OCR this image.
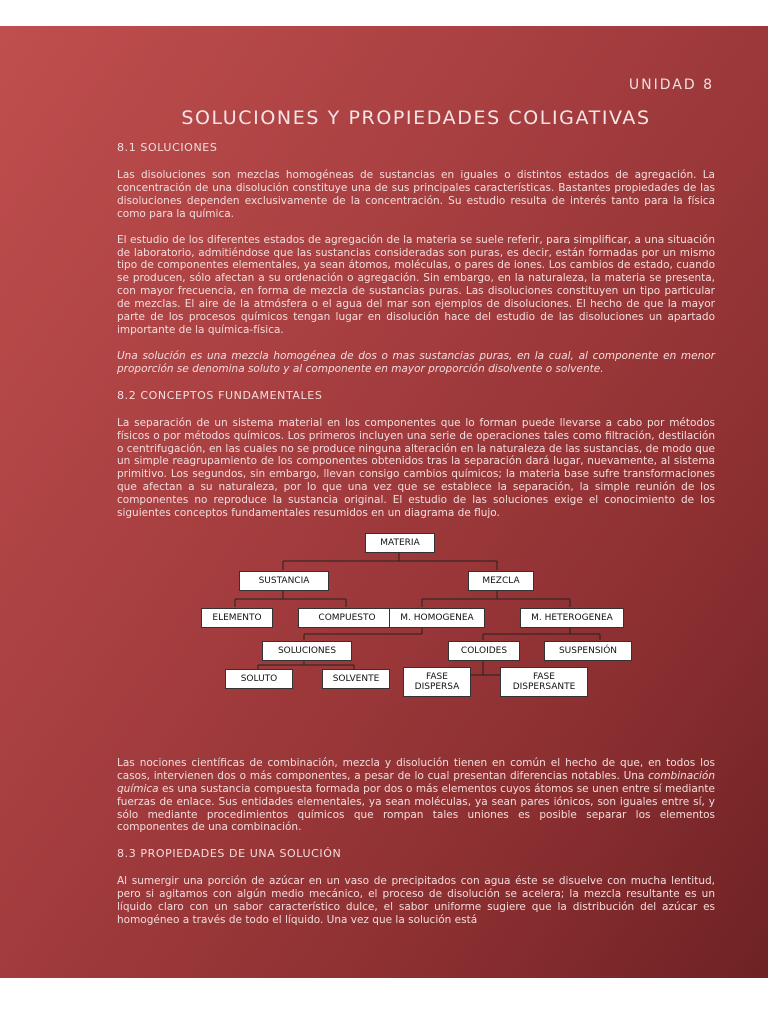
UNIDAD 8
SOLUCIONES Y PROPIEDADES COLIGATIVAS
8.1 SOLUCIONES

Las disoluciones son mezclas homogéneas de sustancias en iguales o distintos estados de agregación. La concentración de una disolución constituye una de sus principales características. Bastantes propiedades de las disoluciones dependen exclusivamente de la concentración. Su estudio resulta de interés tanto para la física como para la química.

El estudio de los diferentes estados de agregación de la materia se suele referir, para simplificar, a una situación de laboratorio, admitiéndose que las sustancias consideradas son puras, es decir, están formadas por un mismo tipo de componentes elementales, ya sean átomos, moléculas, o pares de iones. Los cambios de estado, cuando se producen, sólo afectan a su ordenación o agregación. Sin embargo, en la naturaleza, la materia se presenta, con mayor frecuencia, en forma de mezcla de sustancias puras. Las disoluciones constituyen un tipo particular de mezclas. El aire de la atmósfera o el agua del mar son ejemplos de disoluciones. El hecho de que la mayor parte de los procesos químicos tengan lugar en disolución hace del estudio de las disoluciones un apartado importante de la química-física.

Una solución es una mezcla homogénea de dos o mas sustancias puras, en la cual, al componente en menor proporción se denomina soluto y al componente en mayor proporción disolvente o solvente.

8.2 CONCEPTOS FUNDAMENTALES

La separación de un sistema material en los componentes que lo forman puede llevarse a cabo por métodos físicos o por métodos químicos. Los primeros incluyen una serie de operaciones tales como filtración, destilación o centrifugación, en las cuales no se produce ninguna alteración en la naturaleza de las sustancias, de modo que un simple reagrupamiento de los componentes obtenidos tras la separación dará lugar, nuevamente, al sistema primitivo. Los segundos, sin embargo, llevan consigo cambios químicos; la materia base sufre transformaciones que afectan a su naturaleza, por lo que una vez que se establece la separación, la simple reunión de los componentes no reproduce la sustancia original. El estudio de las soluciones exige el conocimiento de los siguientes conceptos fundamentales resumidos en un diagrama de flujo.

MATERIA
SUSTANCIA	MEZCLA
ELEMENTO	COMPUESTO	M. HOMOGENEA	M. HETEROGENEA
SOLUCIONES	COLOIDES	SUSPENSIÓN
SOLUTO	SOLVENTE	FASE DISPERSA
FASE DISPERSANTE

Las nociones científicas de combinación, mezcla y disolución tienen en común el hecho de que, en todos los casos, intervienen dos o más componentes, a pesar de lo cual presentan diferencias notables. Una combinación química es una sustancia compuesta formada por dos o más elementos cuyos átomos se unen entre sí mediante fuerzas de enlace. Sus entidades elementales, ya sean moléculas, ya sean pares iónicos, son iguales entre sí, y sólo mediante procedimientos químicos que rompan tales uniones es posible separar los elementos componentes de una combinación.

8.3 PROPIEDADES DE UNA SOLUCIÓN

Al sumergir una porción de azúcar en un vaso de precipitados con agua éste se disuelve con mucha lentitud, pero si agitamos con algún medio mecánico, el proceso de disolución se acelera; la mezcla resultante es un líquido claro con un sabor característico dulce, el sabor uniforme sugiere que la distribución del azúcar es homogéneo a través de todo el líquido. Una vez que la solución está
